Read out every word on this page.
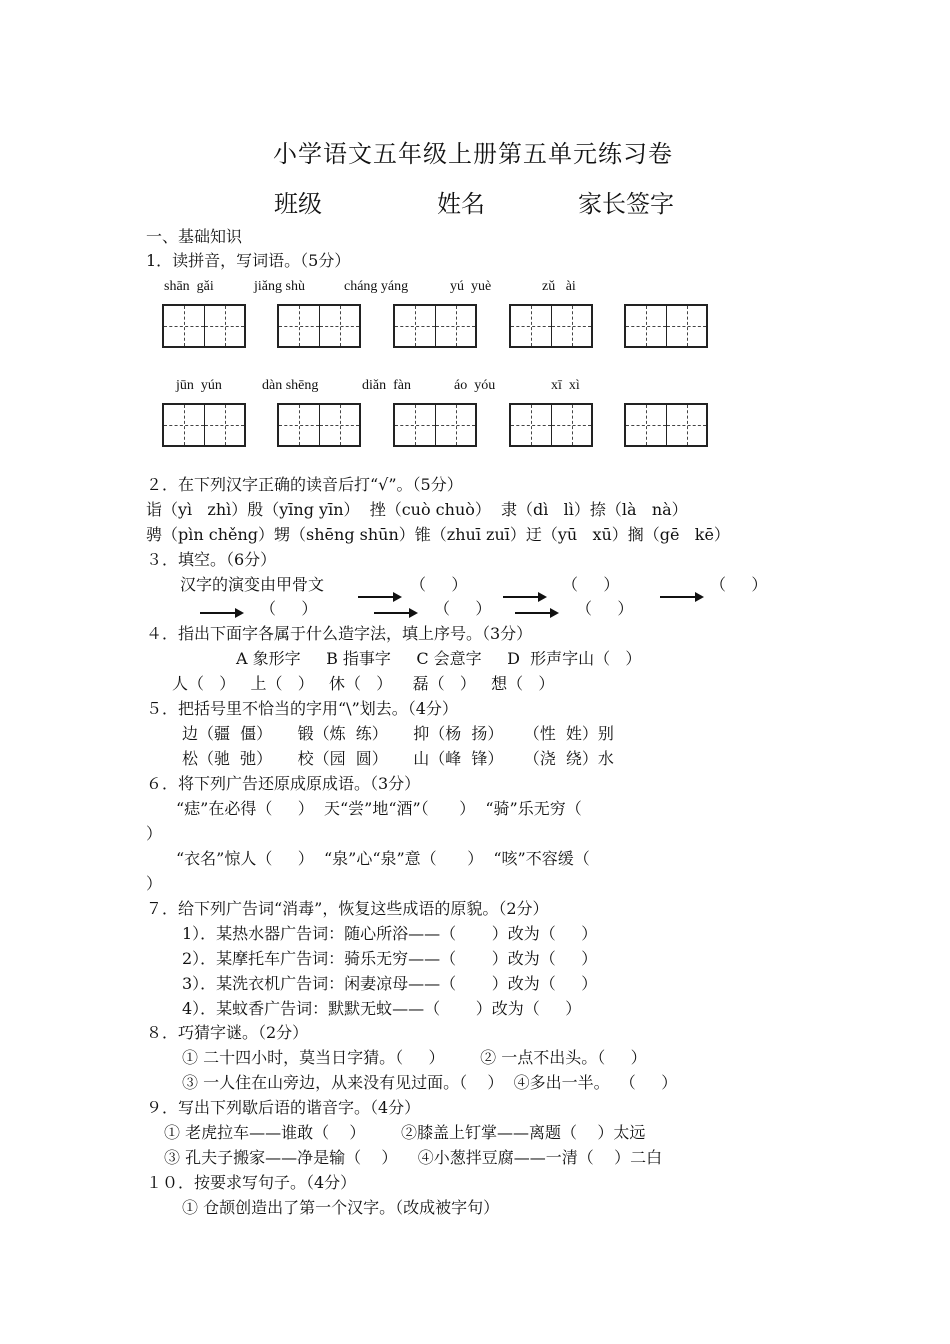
小学语文五年级上册第五单元练习卷
班级	姓名	家长签字
一、基础知识
1．读拼音，写词语。（5分）
shān  gǎi	jiǎng shù	cháng yáng	yú  yuè	zǔ   ài
jūn  yún	dàn shēng	diǎn  fàn	áo  yóu	xī  xì
２．在下列汉字正确的读音后打“√”。（5分）
诣（yì   zhì）殷（yīng yīn）  挫（cuò chuò）  隶（dì   lì）捺（là   nà）
骋（pìn chěng）甥（shēng shūn）锥（zhuī zuī）迂（yū   xū）搁（gē   kē）
３．填空。（6分）
汉字的演变由甲骨文	（     ）	（     ）	（     ）
（     ）	（     ）	（     ）
４．指出下面字各属于什么造字法，填上序号。（3分）
A 象形字     B 指事字     C 会意字     D  形声字山（   ）
人（   ）   上（   ）   休（   ）    磊（   ）   想（   ）
５．把括号里不恰当的字用“\”划去。（4分）
边（疆  僵）     锻（炼  练）     抑（杨  扬）    （性  姓）别
松（驰  弛）     校（园  圆）     山（峰  锋）    （浇  绕）水
６．将下列广告还原成原成语。（3分）
“痣”在必得（     ）  天“尝”地“酒”（      ）  “骑”乐无穷（
）
“衣名”惊人（     ）  “泉”心“泉”意（      ）  “咳”不容缓（
）
７．给下列广告词“消毒”，恢复这些成语的原貌。（2分）
1）．某热水器广告词：随心所浴——（       ）改为（     ）
2）．某摩托车广告词：骑乐无穷——（       ）改为（     ）
3）．某洗衣机广告词：闲妻凉母——（       ）改为（     ）
4）．某蚊香广告词：默默无蚊——（       ）改为（     ）
８．巧猜字谜。（2分）
① 二十四小时，莫当日字猜。（     ）       ② 一点不出头。（     ）
③ 一人住在山旁边，从来没有见过面。（    ）  ④多出一半。  （     ）
９．写出下列歇后语的谐音字。（4分）
① 老虎拉车——谁敢（    ）       ②膝盖上钉掌——离题（    ）太远
③ 孔夫子搬家——净是输（    ）    ④小葱拌豆腐——一清（    ）二白
１０．按要求写句子。（4分）
① 仓颉创造出了第一个汉字。（改成被字句）
